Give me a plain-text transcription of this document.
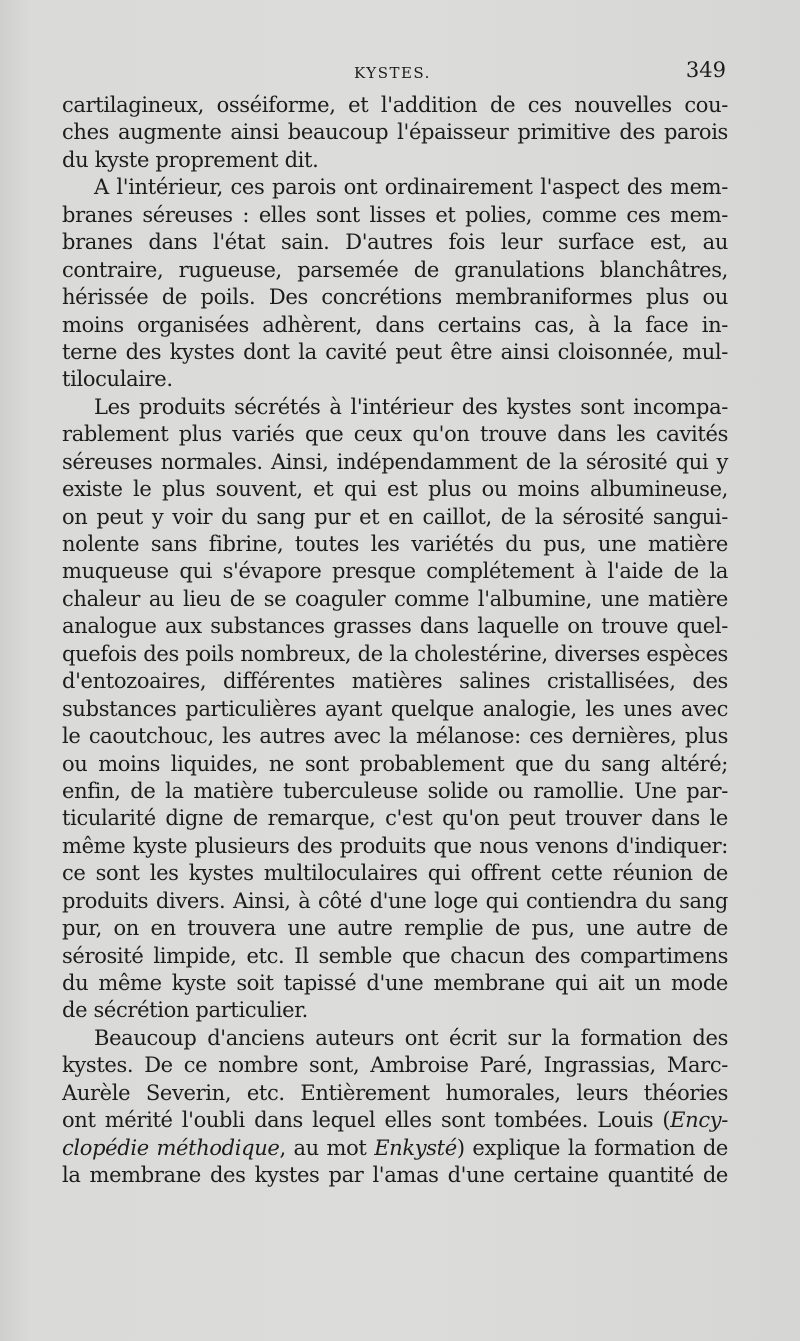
KYSTES.	349
cartilagineux, osséiforme, et l'addition de ces nouvelles cou-
ches augmente ainsi beaucoup l'épaisseur primitive des parois
du kyste proprement dit.
A l'intérieur, ces parois ont ordinairement l'aspect des mem-
branes séreuses : elles sont lisses et polies, comme ces mem-
branes dans l'état sain. D'autres fois leur surface est, au
contraire, rugueuse, parsemée de granulations blanchâtres,
hérissée de poils. Des concrétions membraniformes plus ou
moins organisées adhèrent, dans certains cas, à la face in-
terne des kystes dont la cavité peut être ainsi cloisonnée, mul-
tiloculaire.
Les produits sécrétés à l'intérieur des kystes sont incompa-
rablement plus variés que ceux qu'on trouve dans les cavités
séreuses normales. Ainsi, indépendamment de la sérosité qui y
existe le plus souvent, et qui est plus ou moins albumineuse,
on peut y voir du sang pur et en caillot, de la sérosité sangui-
nolente sans fibrine, toutes les variétés du pus, une matière
muqueuse qui s'évapore presque complétement à l'aide de la
chaleur au lieu de se coaguler comme l'albumine, une matière
analogue aux substances grasses dans laquelle on trouve quel-
quefois des poils nombreux, de la cholestérine, diverses espèces
d'entozoaires, différentes matières salines cristallisées, des
substances particulières ayant quelque analogie, les unes avec
le caoutchouc, les autres avec la mélanose: ces dernières, plus
ou moins liquides, ne sont probablement que du sang altéré;
enfin, de la matière tuberculeuse solide ou ramollie. Une par-
ticularité digne de remarque, c'est qu'on peut trouver dans le
même kyste plusieurs des produits que nous venons d'indiquer:
ce sont les kystes multiloculaires qui offrent cette réunion de
produits divers. Ainsi, à côté d'une loge qui contiendra du sang
pur, on en trouvera une autre remplie de pus, une autre de
sérosité limpide, etc. Il semble que chacun des compartimens
du même kyste soit tapissé d'une membrane qui ait un mode
de sécrétion particulier.
Beaucoup d'anciens auteurs ont écrit sur la formation des
kystes. De ce nombre sont, Ambroise Paré, Ingrassias, Marc-
Aurèle Severin, etc. Entièrement humorales, leurs théories
ont mérité l'oubli dans lequel elles sont tombées. Louis (Ency-
clopédie méthodique, au mot Enkysté) explique la formation de
la membrane des kystes par l'amas d'une certaine quantité de
